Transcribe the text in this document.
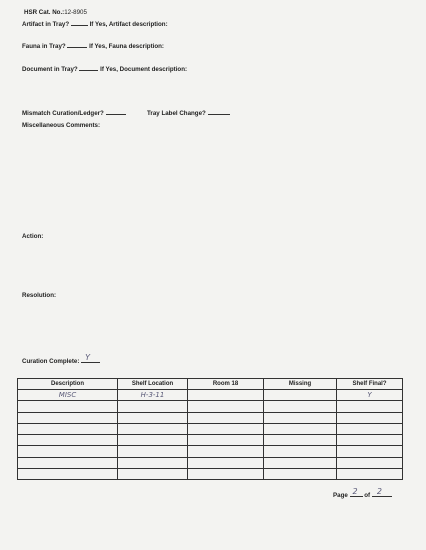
HSR Cat. No.:12-8905
Artifact in Tray?	If Yes, Artifact description:
Fauna in Tray?	If Yes, Fauna description:
Document in Tray?	If Yes, Document description:
Mismatch Curation/Ledger?	Tray Label Change?
Miscellaneous Comments:
Action:
Resolution:
Curation Complete: Y
Description	Shelf Location	Room 18	Missing	Shelf Final?
MISC	H-3-11			Y

Page 2 of 2
